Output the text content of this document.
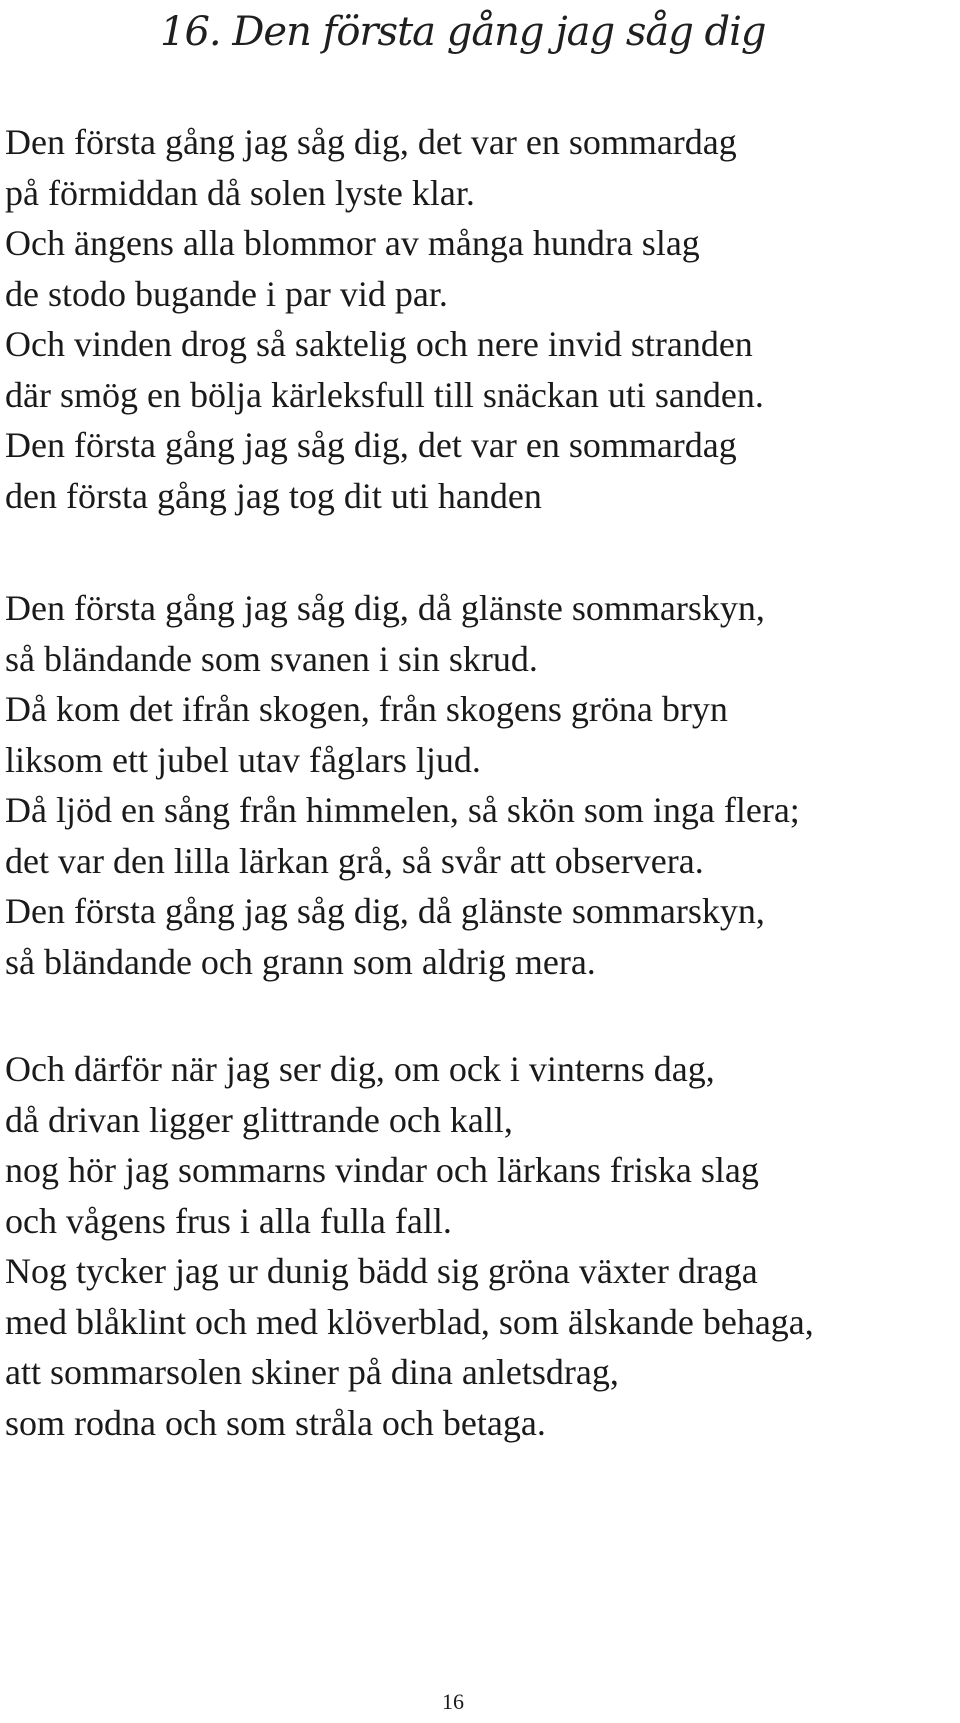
16. Den första gång jag såg dig
Den första gång jag såg dig, det var en sommardag
på förmiddan då solen lyste klar.
Och ängens alla blommor av många hundra slag
de stodo bugande i par vid par.
Och vinden drog så saktelig och nere invid stranden
där smög en bölja kärleksfull till snäckan uti sanden.
Den första gång jag såg dig, det var en sommardag
den första gång jag tog dit uti handen
Den första gång jag såg dig, då glänste sommarskyn,
så bländande som svanen i sin skrud.
Då kom det ifrån skogen, från skogens gröna bryn
liksom ett jubel utav fåglars ljud.
Då ljöd en sång från himmelen, så skön som inga flera;
det var den lilla lärkan grå, så svår att observera.
Den första gång jag såg dig, då glänste sommarskyn,
så bländande och grann som aldrig mera.
Och därför när jag ser dig, om ock i vinterns dag,
då drivan ligger glittrande och kall,
nog hör jag sommarns vindar och lärkans friska slag
och vågens frus i alla fulla fall.
Nog tycker jag ur dunig bädd sig gröna växter draga
med blåklint och med klöverblad, som älskande behaga,
att sommarsolen skiner på dina anletsdrag,
som rodna och som stråla och betaga.
16
